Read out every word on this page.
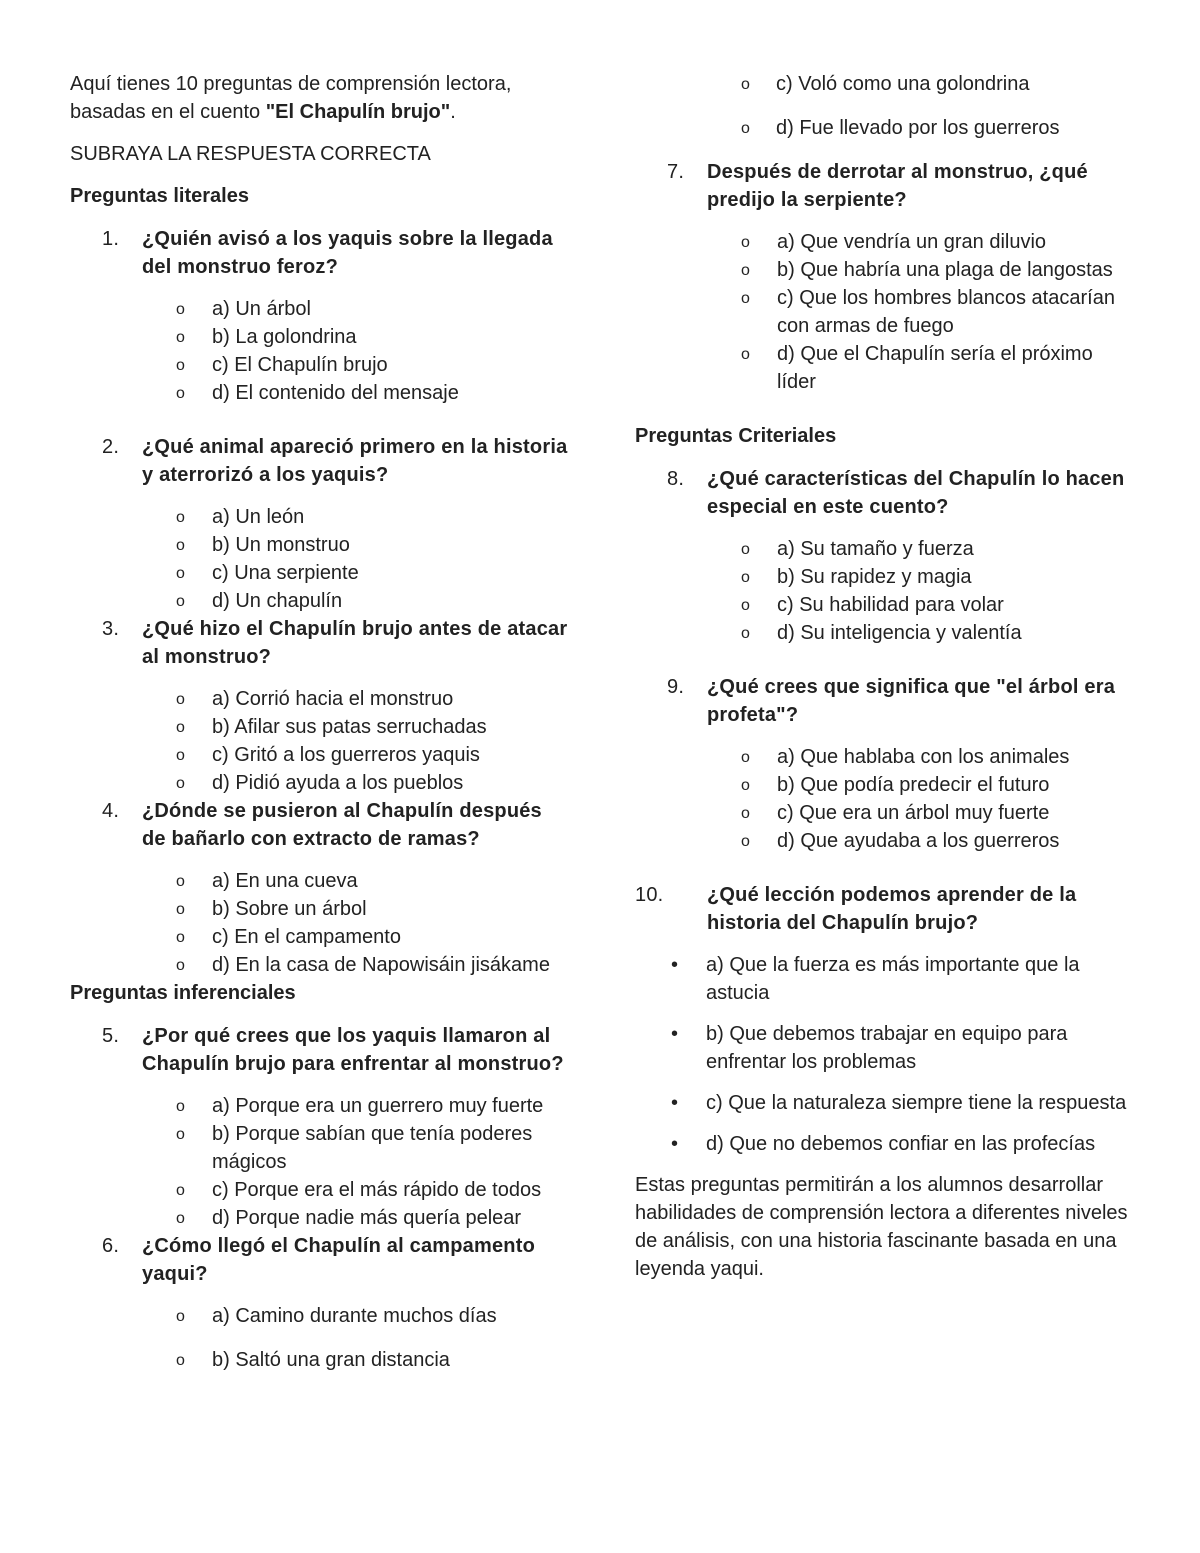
Aquí tienes 10 preguntas de comprensión lectora,
basadas en el cuento "El Chapulín brujo".

SUBRAYA LA RESPUESTA CORRECTA

Preguntas literales

1. ¿Quién avisó a los yaquis sobre la llegada del monstruo feroz?
o a) Un árbol
o b) La golondrina
o c) El Chapulín brujo
o d) El contenido del mensaje
2. ¿Qué animal apareció primero en la historia y aterrorizó a los yaquis?
o a) Un león
o b) Un monstruo
o c) Una serpiente
o d) Un chapulín
3. ¿Qué hizo el Chapulín brujo antes de atacar al monstruo?
o a) Corrió hacia el monstruo
o b) Afilar sus patas serruchadas
o c) Gritó a los guerreros yaquis
o d) Pidió ayuda a los pueblos
4. ¿Dónde se pusieron al Chapulín después de bañarlo con extracto de ramas?
o a) En una cueva
o b) Sobre un árbol
o c) En el campamento
o d) En la casa de Napowisáin jisákame

Preguntas inferenciales

5. ¿Por qué crees que los yaquis llamaron al Chapulín brujo para enfrentar al monstruo?
o a) Porque era un guerrero muy fuerte
o b) Porque sabían que tenía poderes mágicos
o c) Porque era el más rápido de todos
o d) Porque nadie más quería pelear
6. ¿Cómo llegó el Chapulín al campamento yaqui?
o a) Camino durante muchos días
o b) Saltó una gran distancia
o c) Voló como una golondrina
o d) Fue llevado por los guerreros
7. Después de derrotar al monstruo, ¿qué predijo la serpiente?
o a) Que vendría un gran diluvio
o b) Que habría una plaga de langostas
o c) Que los hombres blancos atacarían con armas de fuego
o d) Que el Chapulín sería el próximo líder

Preguntas Criteriales

8. ¿Qué características del Chapulín lo hacen especial en este cuento?
o a) Su tamaño y fuerza
o b) Su rapidez y magia
o c) Su habilidad para volar
o d) Su inteligencia y valentía
9. ¿Qué crees que significa que "el árbol era profeta"?
o a) Que hablaba con los animales
o b) Que podía predecir el futuro
o c) Que era un árbol muy fuerte
o d) Que ayudaba a los guerreros
10. ¿Qué lección podemos aprender de la historia del Chapulín brujo?
• a) Que la fuerza es más importante que la astucia
• b) Que debemos trabajar en equipo para enfrentar los problemas
• c) Que la naturaleza siempre tiene la respuesta
• d) Que no debemos confiar en las profecías

Estas preguntas permitirán a los alumnos desarrollar habilidades de comprensión lectora a diferentes niveles de análisis, con una historia fascinante basada en una leyenda yaqui.
